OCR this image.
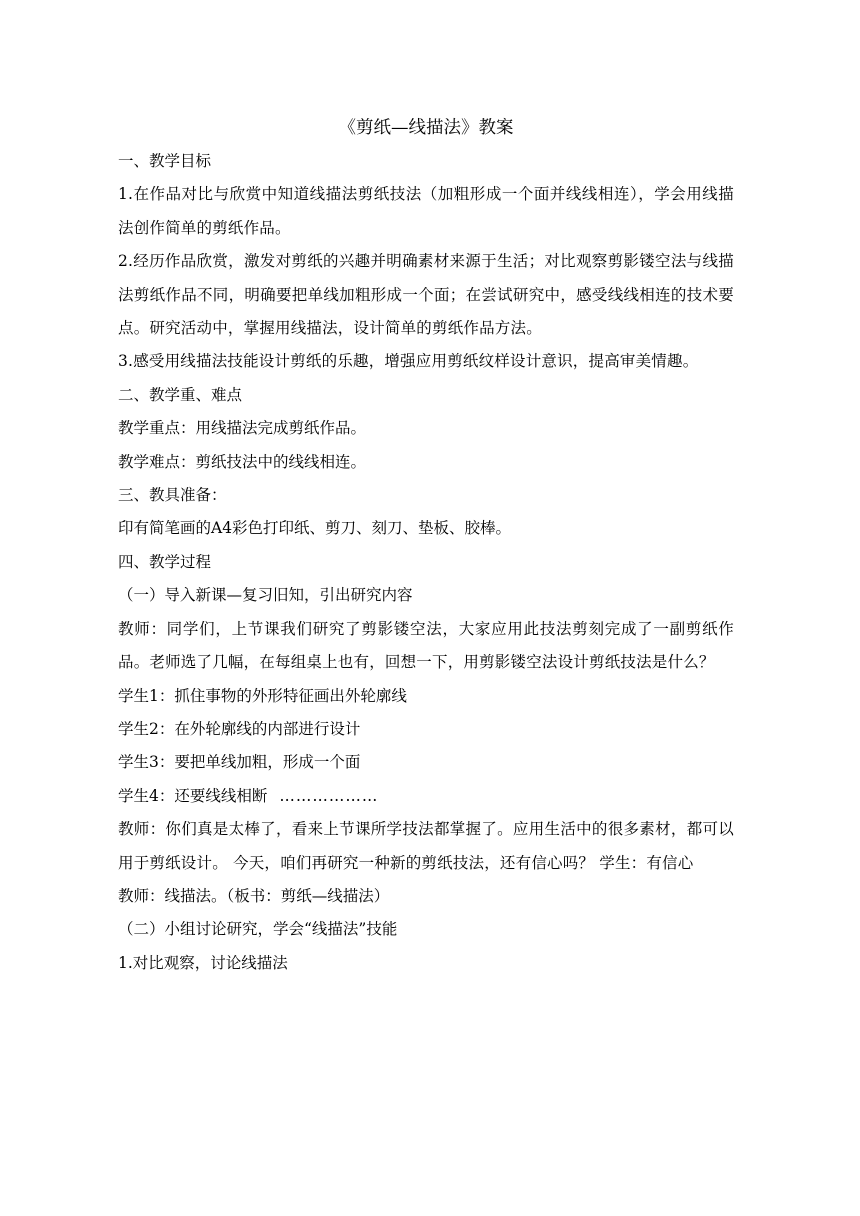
《剪纸—线描法》教案

一、教学目标

1.在作品对比与欣赏中知道线描法剪纸技法（加粗形成一个面并线线相连），学会用线描法创作简单的剪纸作品。

2.经历作品欣赏，激发对剪纸的兴趣并明确素材来源于生活；对比观察剪影镂空法与线描法剪纸作品不同，明确要把单线加粗形成一个面；在尝试研究中，感受线线相连的技术要点。研究活动中，掌握用线描法，设计简单的剪纸作品方法。

3.感受用线描法技能设计剪纸的乐趣，增强应用剪纸纹样设计意识，提高审美情趣。

二、教学重、难点

教学重点：用线描法完成剪纸作品。

教学难点：剪纸技法中的线线相连。

三、教具准备：

印有简笔画的A4彩色打印纸、剪刀、刻刀、垫板、胶棒。

四、教学过程

（一）导入新课—复习旧知，引出研究内容

教师：同学们，上节课我们研究了剪影镂空法，大家应用此技法剪刻完成了一副剪纸作品。老师选了几幅，在每组桌上也有，回想一下，用剪影镂空法设计剪纸技法是什么？

学生1：抓住事物的外形特征画出外轮廓线

学生2：在外轮廓线的内部进行设计

学生3：要把单线加粗，形成一个面

学生4：还要线线相断 ………………

教师：你们真是太棒了，看来上节课所学技法都掌握了。应用生活中的很多素材，都可以用于剪纸设计。 今天，咱们再研究一种新的剪纸技法，还有信心吗？ 学生：有信心

教师：线描法。（板书：剪纸—线描法）

（二）小组讨论研究，学会“线描法”技能

1.对比观察，讨论线描法
